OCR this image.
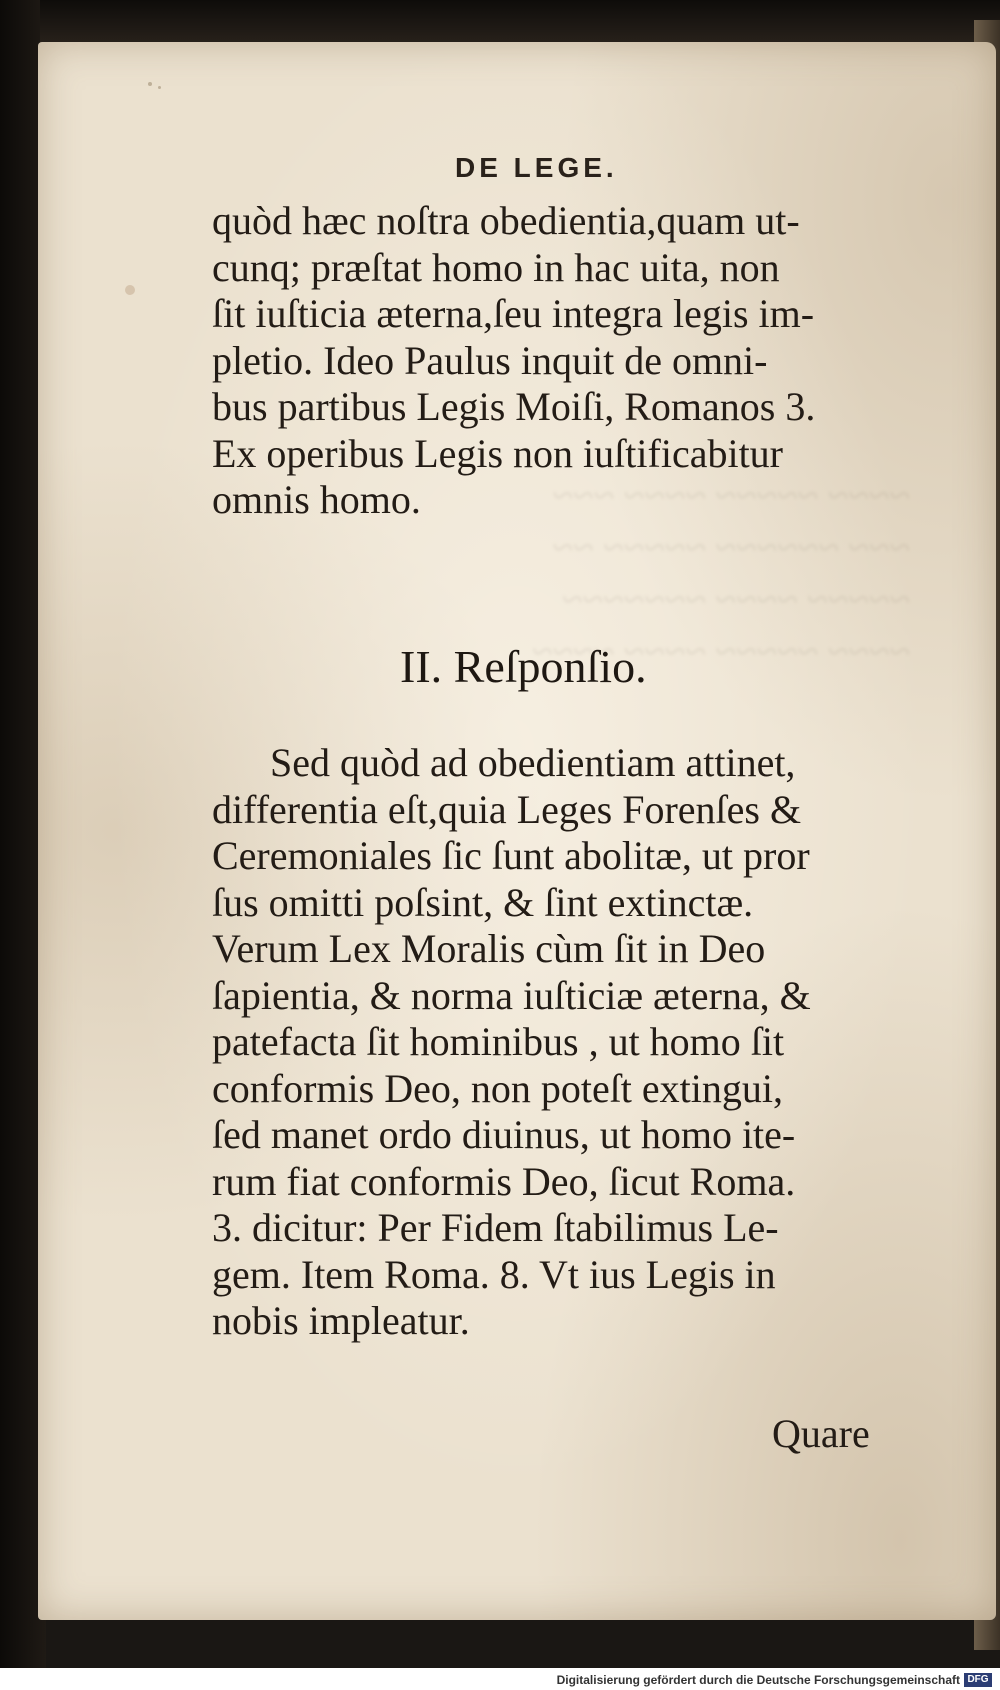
~~~~ ~~~~~ ~~~~ ~~~
~~~ ~~~~~~ ~~~~~ ~~
~~~~~ ~~~~ ~~~~~~~
~~~~ ~~~~~ ~~~~ ~~~~
DE LEGE.

quòd hæc noſtra obedientia,quam ut-
cunq; præſtat homo in hac uita, non
ſit iuſticia æterna,ſeu integra legis im-
pletio. Ideo Paulus inquit de omni-
bus partibus Legis Moiſi, Romanos 3.
Ex operibus Legis non iuſtificabitur
omnis homo.

II. Reſponſio.

Sed quòd ad obedientiam attinet,
differentia eſt,quia Leges Forenſes &
Ceremoniales ſic ſunt abolitæ, ut pror
ſus omitti poſsint, & ſint extinctæ.
Verum Lex Moralis cùm ſit in Deo
ſapientia, & norma iuſticiæ æterna, &
patefacta ſit hominibus , ut homo ſit
conformis Deo, non poteſt extingui,
ſed manet ordo diuinus, ut homo ite-
rum fiat conformis Deo, ſicut Roma.
3. dicitur: Per Fidem ſtabilimus Le-
gem. Item Roma. 8. Vt ius Legis in
nobis impleatur.

Quare
Digitalisierung gefördert durch die Deutsche Forschungsgemeinschaft DFG
